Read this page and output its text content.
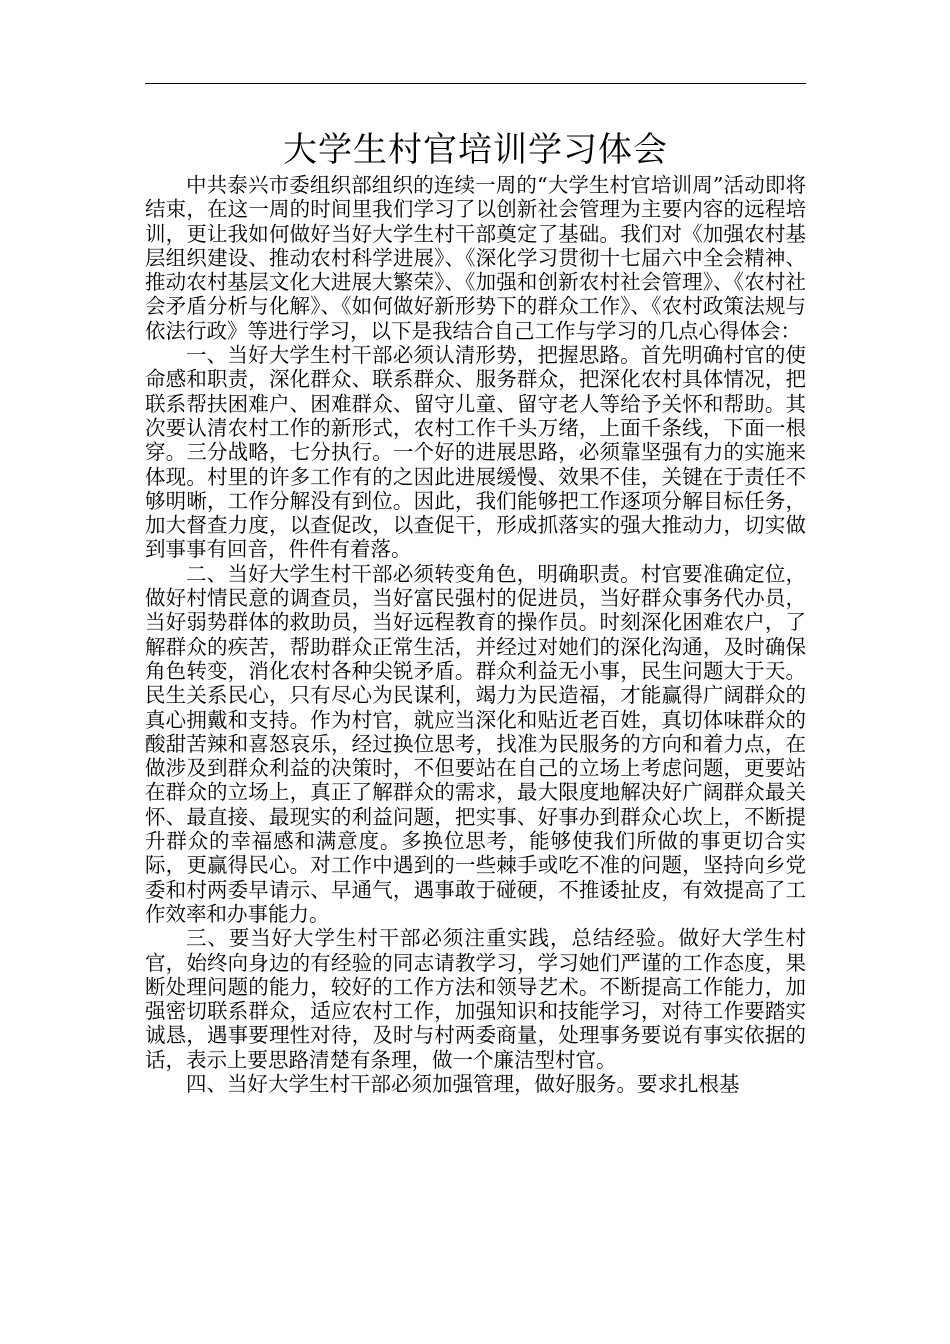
大学生村官培训学习体会

中共泰兴市委组织部组织的连续一周的“大学生村官培训周”活动即将结束，在这一周的时间里我们学习了以创新社会管理为主要内容的远程培训，更让我如何做好当好大学生村干部奠定了基础。我们对《加强农村基层组织建设、推动农村科学进展》、《深化学习贯彻十七届六中全会精神、推动农村基层文化大进展大繁荣》、《加强和创新农村社会管理》、《农村社会矛盾分析与化解》、《如何做好新形势下的群众工作》、《农村政策法规与依法行政》等进行学习，以下是我结合自己工作与学习的几点心得体会：

一、当好大学生村干部必须认清形势，把握思路。首先明确村官的使命感和职责，深化群众、联系群众、服务群众，把深化农村具体情况，把联系帮扶困难户、困难群众、留守儿童、留守老人等给予关怀和帮助。其次要认清农村工作的新形式，农村工作千头万绪，上面千条线，下面一根穿。三分战略，七分执行。一个好的进展思路，必须靠坚强有力的实施来体现。村里的许多工作有的之因此进展缓慢、效果不佳，关键在于责任不够明晰，工作分解没有到位。因此，我们能够把工作逐项分解目标任务，加大督查力度，以查促改，以查促干，形成抓落实的强大推动力，切实做到事事有回音，件件有着落。

二、当好大学生村干部必须转变角色，明确职责。村官要准确定位，做好村情民意的调查员，当好富民强村的促进员，当好群众事务代办员，当好弱势群体的救助员，当好远程教育的操作员。时刻深化困难农户，了解群众的疾苦，帮助群众正常生活，并经过对她们的深化沟通，及时确保角色转变，消化农村各种尖锐矛盾。群众利益无小事，民生问题大于天。民生关系民心，只有尽心为民谋利，竭力为民造福，才能赢得广阔群众的真心拥戴和支持。作为村官，就应当深化和贴近老百姓，真切体味群众的酸甜苦辣和喜怒哀乐，经过换位思考，找准为民服务的方向和着力点，在做涉及到群众利益的决策时，不但要站在自己的立场上考虑问题，更要站在群众的立场上，真正了解群众的需求，最大限度地解决好广阔群众最关怀、最直接、最现实的利益问题，把实事、好事办到群众心坎上，不断提升群众的幸福感和满意度。多换位思考，能够使我们所做的事更切合实际，更赢得民心。对工作中遇到的一些棘手或吃不准的问题，坚持向乡党委和村两委早请示、早通气，遇事敢于碰硬，不推诿扯皮，有效提高了工作效率和办事能力。

三、要当好大学生村干部必须注重实践，总结经验。做好大学生村官，始终向身边的有经验的同志请教学习，学习她们严谨的工作态度，果断处理问题的能力，较好的工作方法和领导艺术。不断提高工作能力，加强密切联系群众，适应农村工作，加强知识和技能学习，对待工作要踏实诚恳，遇事要理性对待，及时与村两委商量，处理事务要说有事实依据的话，表示上要思路清楚有条理，做一个廉洁型村官。

四、当好大学生村干部必须加强管理，做好服务。要求扎根基
